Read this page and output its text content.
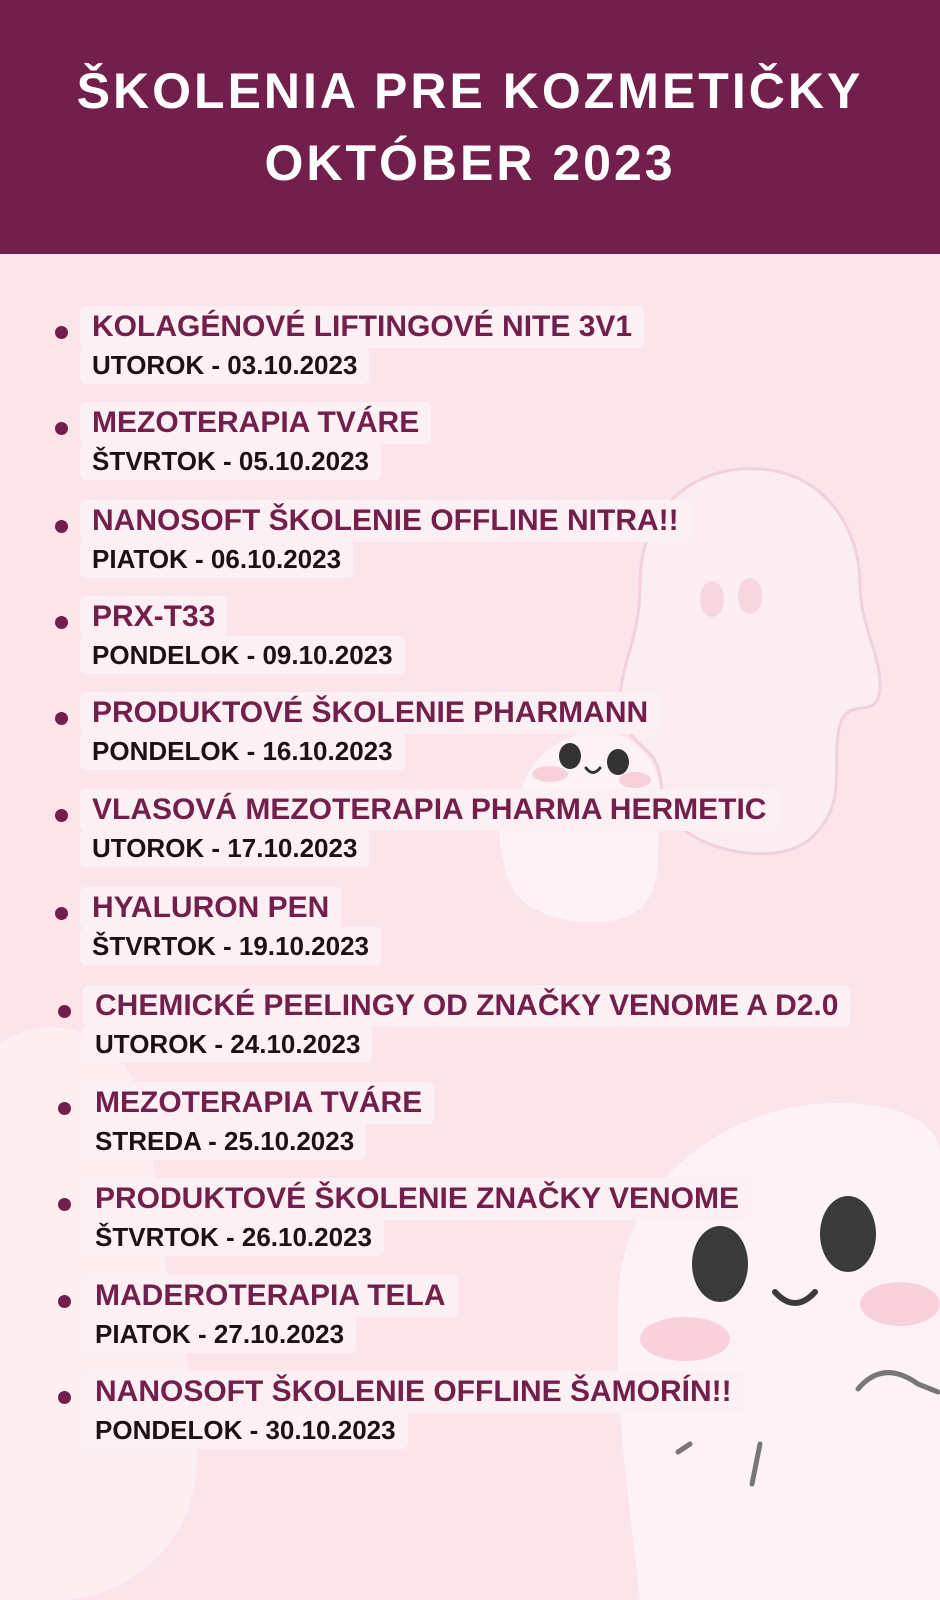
ŠKOLENIA PRE KOZMETIČKY
OKTÓBER 2023
KOLAGÉNOVÉ LIFTINGOVÉ NITE 3V1
UTOROK - 03.10.2023
MEZOTERAPIA TVÁRE
ŠTVRTOK - 05.10.2023
NANOSOFT ŠKOLENIE OFFLINE NITRA!!
PIATOK - 06.10.2023
PRX-T33
PONDELOK - 09.10.2023
PRODUKTOVÉ ŠKOLENIE PHARMANN
PONDELOK - 16.10.2023
VLASOVÁ MEZOTERAPIA PHARMA HERMETIC
UTOROK - 17.10.2023
HYALURON PEN
ŠTVRTOK - 19.10.2023
CHEMICKÉ PEELINGY OD ZNAČKY VENOME A D2.0
UTOROK - 24.10.2023
MEZOTERAPIA TVÁRE
STREDA - 25.10.2023
PRODUKTOVÉ ŠKOLENIE ZNAČKY VENOME
ŠTVRTOK - 26.10.2023
MADEROTERAPIA TELA
PIATOK - 27.10.2023
NANOSOFT ŠKOLENIE OFFLINE ŠAMORÍN!!
PONDELOK - 30.10.2023
